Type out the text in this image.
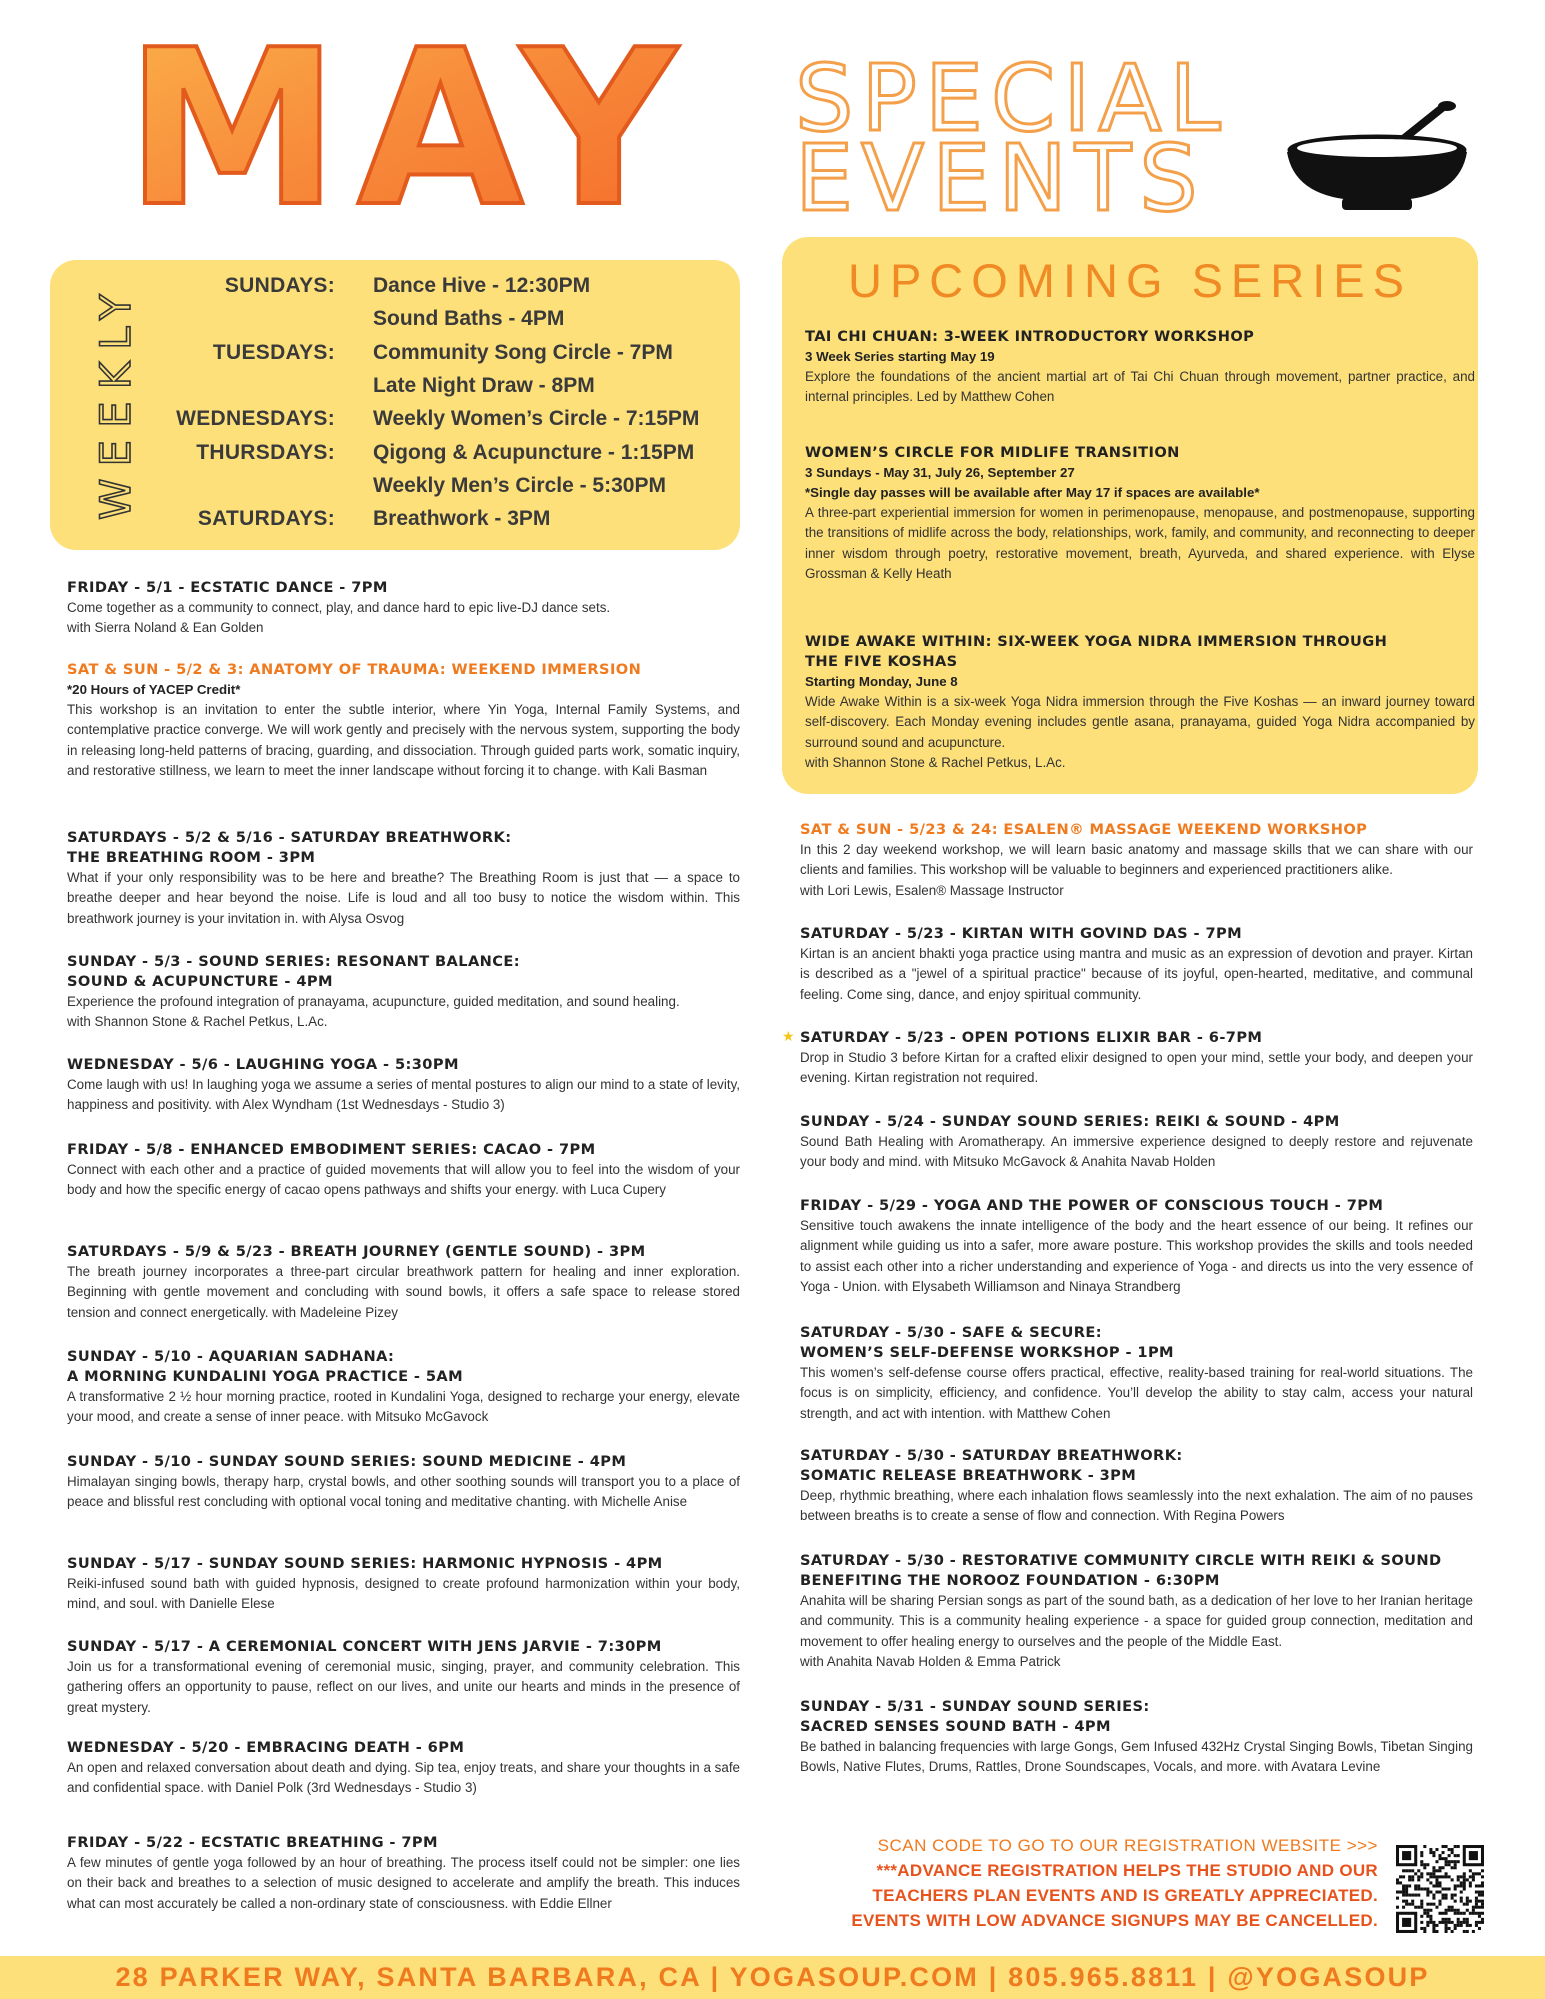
MAY SPECIAL
EVENTS
WEEKLY	SUNDAYS: Dance Hive - 12:30PM
Sound Baths - 4PM
TUESDAYS: Community Song Circle - 7PM
Late Night Draw - 8PM
WEDNESDAYS: Weekly Women’s Circle - 7:15PM
THURSDAYS: Qigong & Acupuncture - 1:15PM
Weekly Men’s Circle - 5:30PM
SATURDAYS: Breathwork - 3PM
UPCOMING SERIES
TAI CHI CHUAN: 3-WEEK INTRODUCTORY WORKSHOP
3 Week Series starting May 19

Explore the foundations of the ancient martial art of Tai Chi Chuan through movement, partner practice, and internal principles. Led by Matthew Cohen

WOMEN’S CIRCLE FOR MIDLIFE TRANSITION
3 Sundays - May 31, July 26, September 27
*Single day passes will be available after May 17 if spaces are available*

A three-part experiential immersion for women in perimenopause, menopause, and postmenopause, supporting the transitions of midlife across the body, relationships, work, family, and community, and reconnecting to deeper inner wisdom through poetry, restorative movement, breath, Ayurveda, and shared experience. with Elyse Grossman & Kelly Heath

WIDE AWAKE WITHIN: SIX-WEEK YOGA NIDRA IMMERSION THROUGH
THE FIVE KOSHAS
Starting Monday, June 8

Wide Awake Within is a six-week Yoga Nidra immersion through the Five Koshas — an inward journey toward self-discovery. Each Monday evening includes gentle asana, pranayama, guided Yoga Nidra accompanied by surround sound and acupuncture.

with Shannon Stone & Rachel Petkus, L.Ac.

FRIDAY - 5/1 - ECSTATIC DANCE - 7PM

Come together as a community to connect, play, and dance hard to epic live-DJ dance sets.

with Sierra Noland & Ean Golden

SAT & SUN - 5/2 & 3: ANATOMY OF TRAUMA: WEEKEND IMMERSION
*20 Hours of YACEP Credit*

This workshop is an invitation to enter the subtle interior, where Yin Yoga, Internal Family Systems, and contemplative practice converge. We will work gently and precisely with the nervous system, supporting the body in releasing long-held patterns of bracing, guarding, and dissociation. Through guided parts work, somatic inquiry, and restorative stillness, we learn to meet the inner landscape without forcing it to change. with Kali Basman

SATURDAYS - 5/2 & 5/16 - SATURDAY BREATHWORK:
THE BREATHING ROOM - 3PM

What if your only responsibility was to be here and breathe? The Breathing Room is just that — a space to breathe deeper and hear beyond the noise. Life is loud and all too busy to notice the wisdom within. This breathwork journey is your invitation in. with Alysa Osvog

SUNDAY - 5/3 - SOUND SERIES: RESONANT BALANCE:
SOUND & ACUPUNCTURE - 4PM

Experience the profound integration of pranayama, acupuncture, guided meditation, and sound healing.

with Shannon Stone & Rachel Petkus, L.Ac.

WEDNESDAY - 5/6 - LAUGHING YOGA - 5:30PM

Come laugh with us! In laughing yoga we assume a series of mental postures to align our mind to a state of levity, happiness and positivity. with Alex Wyndham (1st Wednesdays - Studio 3)

FRIDAY - 5/8 - ENHANCED EMBODIMENT SERIES: CACAO - 7PM

Connect with each other and a practice of guided movements that will allow you to feel into the wisdom of your body and how the specific energy of cacao opens pathways and shifts your energy. with Luca Cupery

SATURDAYS - 5/9 & 5/23 - BREATH JOURNEY (GENTLE SOUND) - 3PM

The breath journey incorporates a three-part circular breathwork pattern for healing and inner exploration. Beginning with gentle movement and concluding with sound bowls, it offers a safe space to release stored tension and connect energetically. with Madeleine Pizey

SUNDAY - 5/10 - AQUARIAN SADHANA:
A MORNING KUNDALINI YOGA PRACTICE - 5AM

A transformative 2 ½ hour morning practice, rooted in Kundalini Yoga, designed to recharge your energy, elevate your mood, and create a sense of inner peace. with Mitsuko McGavock

SUNDAY - 5/10 - SUNDAY SOUND SERIES: SOUND MEDICINE - 4PM

Himalayan singing bowls, therapy harp, crystal bowls, and other soothing sounds will transport you to a place of peace and blissful rest concluding with optional vocal toning and meditative chanting. with Michelle Anise

SUNDAY - 5/17 - SUNDAY SOUND SERIES: HARMONIC HYPNOSIS - 4PM

Reiki-infused sound bath with guided hypnosis, designed to create profound harmonization within your body, mind, and soul. with Danielle Elese

SUNDAY - 5/17 - A CEREMONIAL CONCERT WITH JENS JARVIE - 7:30PM

Join us for a transformational evening of ceremonial music, singing, prayer, and community celebration. This gathering offers an opportunity to pause, reflect on our lives, and unite our hearts and minds in the presence of great mystery.

WEDNESDAY - 5/20 - EMBRACING DEATH - 6PM

An open and relaxed conversation about death and dying. Sip tea, enjoy treats, and share your thoughts in a safe and confidential space. with Daniel Polk (3rd Wednesdays - Studio 3)

FRIDAY - 5/22 - ECSTATIC BREATHING - 7PM

A few minutes of gentle yoga followed by an hour of breathing. The process itself could not be simpler: one lies on their back and breathes to a selection of music designed to accelerate and amplify the breath. This induces what can most accurately be called a non-ordinary state of consciousness. with Eddie Ellner

SAT & SUN - 5/23 & 24: ESALEN® MASSAGE WEEKEND WORKSHOP

In this 2 day weekend workshop, we will learn basic anatomy and massage skills that we can share with our clients and families. This workshop will be valuable to beginners and experienced practitioners alike.

with Lori Lewis, Esalen® Massage Instructor

SATURDAY - 5/23 - KIRTAN WITH GOVIND DAS - 7PM

Kirtan is an ancient bhakti yoga practice using mantra and music as an expression of devotion and prayer. Kirtan is described as a "jewel of a spiritual practice" because of its joyful, open-hearted, meditative, and communal feeling. Come sing, dance, and enjoy spiritual community.

★ SATURDAY - 5/23 - OPEN POTIONS ELIXIR BAR - 6-7PM

Drop in Studio 3 before Kirtan for a crafted elixir designed to open your mind, settle your body, and deepen your evening. Kirtan registration not required.

SUNDAY - 5/24 - SUNDAY SOUND SERIES: REIKI & SOUND - 4PM

Sound Bath Healing with Aromatherapy. An immersive experience designed to deeply restore and rejuvenate your body and mind. with Mitsuko McGavock & Anahita Navab Holden

FRIDAY - 5/29 - YOGA AND THE POWER OF CONSCIOUS TOUCH - 7PM

Sensitive touch awakens the innate intelligence of the body and the heart essence of our being. It refines our alignment while guiding us into a safer, more aware posture. This workshop provides the skills and tools needed to assist each other into a richer understanding and experience of Yoga - and directs us into the very essence of Yoga - Union. with Elysabeth Williamson and Ninaya Strandberg

SATURDAY - 5/30 - SAFE & SECURE:
WOMEN’S SELF-DEFENSE WORKSHOP - 1PM

This women’s self-defense course offers practical, effective, reality-based training for real-world situations. The focus is on simplicity, efficiency, and confidence. You’ll develop the ability to stay calm, access your natural strength, and act with intention. with Matthew Cohen

SATURDAY - 5/30 - SATURDAY BREATHWORK:
SOMATIC RELEASE BREATHWORK - 3PM

Deep, rhythmic breathing, where each inhalation flows seamlessly into the next exhalation. The aim of no pauses between breaths is to create a sense of flow and connection. With Regina Powers

SATURDAY - 5/30 - RESTORATIVE COMMUNITY CIRCLE WITH REIKI & SOUND
BENEFITING THE NOROOZ FOUNDATION - 6:30PM

Anahita will be sharing Persian songs as part of the sound bath, as a dedication of her love to her Iranian heritage and community. This is a community healing experience - a space for guided group connection, meditation and movement to offer healing energy to ourselves and the people of the Middle East.

with Anahita Navab Holden & Emma Patrick

SUNDAY - 5/31 - SUNDAY SOUND SERIES:
SACRED SENSES SOUND BATH - 4PM

Be bathed in balancing frequencies with large Gongs, Gem Infused 432Hz Crystal Singing Bowls, Tibetan Singing Bowls, Native Flutes, Drums, Rattles, Drone Soundscapes, Vocals, and more. with Avatara Levine

SCAN CODE TO GO TO OUR REGISTRATION WEBSITE >>>
***ADVANCE REGISTRATION HELPS THE STUDIO AND OUR
TEACHERS PLAN EVENTS AND IS GREATLY APPRECIATED.
EVENTS WITH LOW ADVANCE SIGNUPS MAY BE CANCELLED.
28 PARKER WAY, SANTA BARBARA, CA | YOGASOUP.COM | 805.965.8811 | @YOGASOUP
